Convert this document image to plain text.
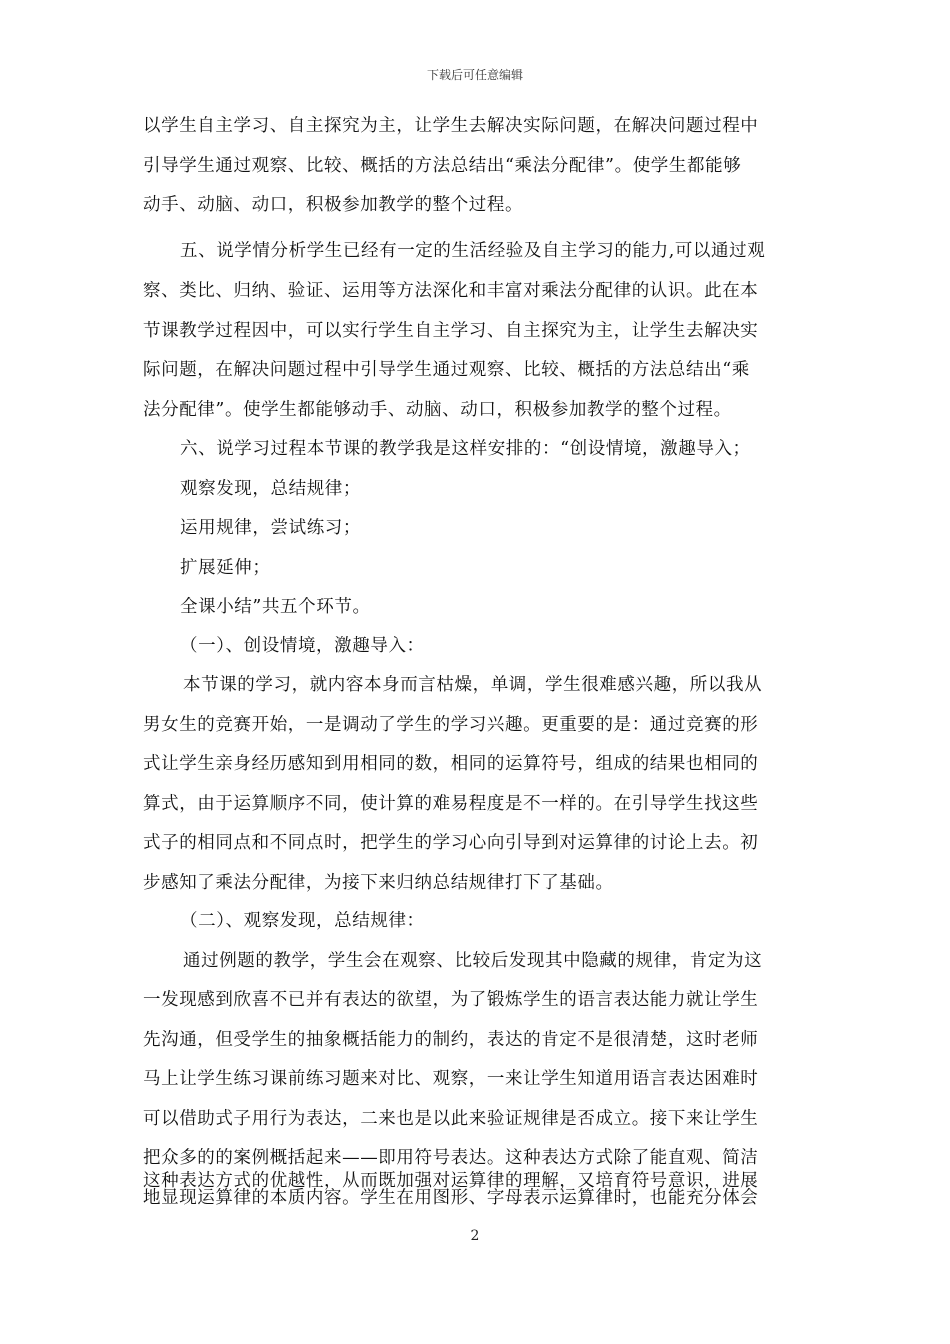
下载后可任意编辑
以学生自主学习、自主探究为主，让学生去解决实际问题，在解决问题过程中
引导学生通过观察、比较、概括的方法总结出“乘法分配律”。使学生都能够
动手、动脑、动口，积极参加教学的整个过程。
五、说学情分析学生已经有一定的生活经验及自主学习的能力,可以通过观
察、类比、归纳、验证、运用等方法深化和丰富对乘法分配律的认识。此在本
节课教学过程因中，可以实行学生自主学习、自主探究为主，让学生去解决实
际问题，在解决问题过程中引导学生通过观察、比较、概括的方法总结出“乘
法分配律”。使学生都能够动手、动脑、动口，积极参加教学的整个过程。
六、说学习过程本节课的教学我是这样安排的：“创设情境，激趣导入；
观察发现，总结规律；
运用规律，尝试练习；
扩展延伸；
全课小结”共五个环节。
（一）、创设情境，激趣导入：
本节课的学习，就内容本身而言枯燥，单调，学生很难感兴趣，所以我从
男女生的竞赛开始，一是调动了学生的学习兴趣。更重要的是：通过竞赛的形
式让学生亲身经历感知到用相同的数，相同的运算符号，组成的结果也相同的
算式，由于运算顺序不同，使计算的难易程度是不一样的。在引导学生找这些
式子的相同点和不同点时，把学生的学习心向引导到对运算律的讨论上去。初
步感知了乘法分配律，为接下来归纳总结规律打下了基础。
（二）、观察发现，总结规律：
通过例题的教学，学生会在观察、比较后发现其中隐藏的规律，肯定为这
一发现感到欣喜不已并有表达的欲望，为了锻炼学生的语言表达能力就让学生
先沟通，但受学生的抽象概括能力的制约，表达的肯定不是很清楚，这时老师
马上让学生练习课前练习题来对比、观察，一来让学生知道用语言表达困难时
可以借助式子用行为表达，二来也是以此来验证规律是否成立。接下来让学生
把众多的的案例概括起来——即用符号表达。这种表达方式除了能直观、简洁
地显现运算律的本质内容。学生在用图形、字母表示运算律时，也能充分体会
这种表达方式的优越性，从而既加强对运算律的理解，又培育符号意识，进展
2
